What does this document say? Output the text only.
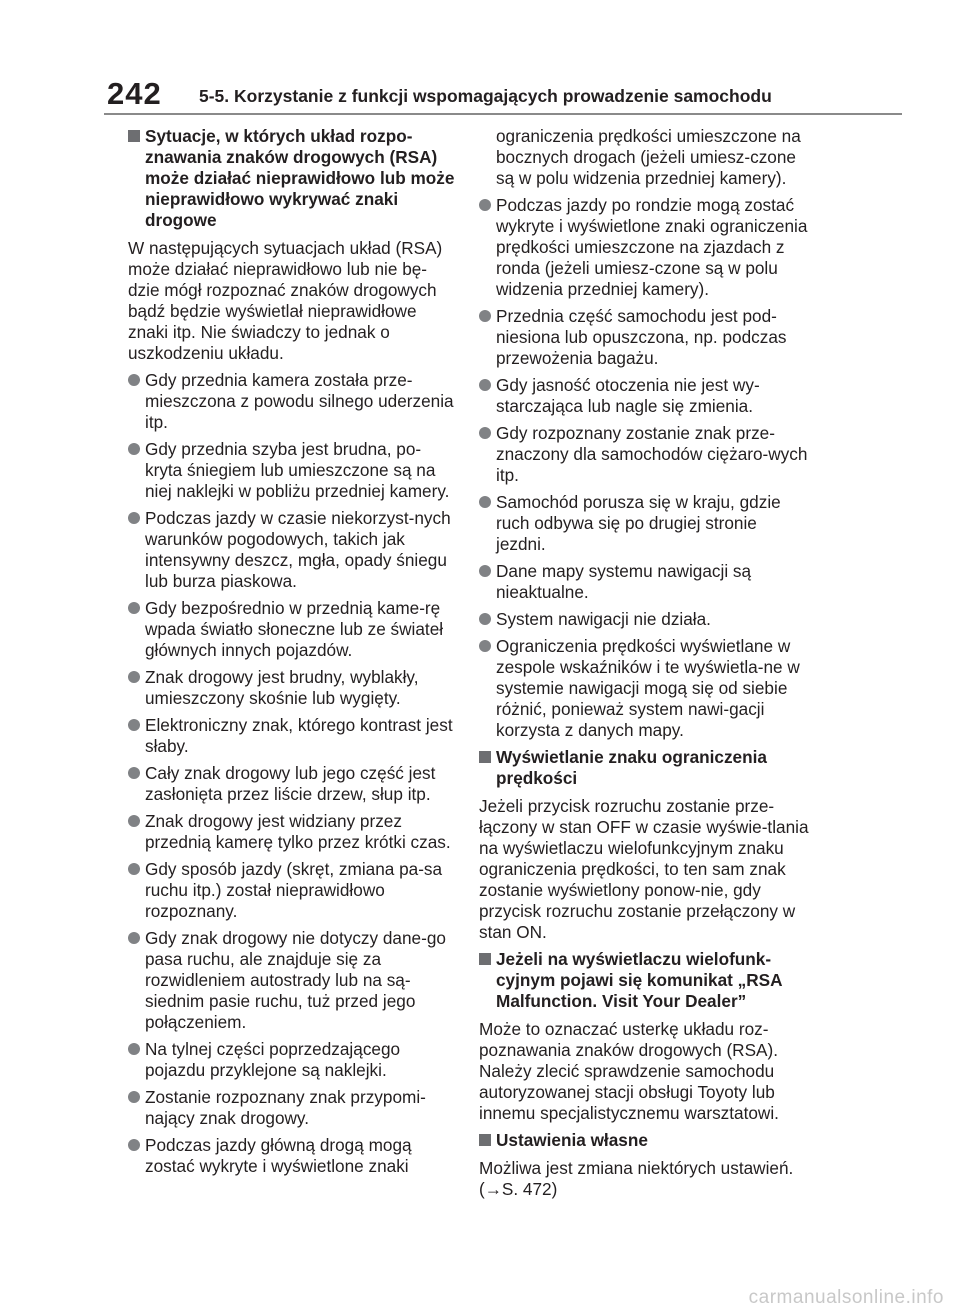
242 5-5. Korzystanie z funkcji wspomagających prowadzenie samochodu
Sytuacje, w których układ rozpo-znawania znaków drogowych (RSA) może działać nieprawidłowo lub może nieprawidłowo wykrywać znaki drogowe
W następujących sytuacjach układ (RSA) może działać nieprawidłowo lub nie bę-dzie mógł rozpoznać znaków drogowych bądź będzie wyświetlał nieprawidłowe znaki itp. Nie świadczy to jednak o uszkodzeniu układu.
Gdy przednia kamera została prze-mieszczona z powodu silnego uderzenia itp.
Gdy przednia szyba jest brudna, po-kryta śniegiem lub umieszczone są na niej naklejki w pobliżu przedniej kamery.
Podczas jazdy w czasie niekorzyst-nych warunków pogodowych, takich jak intensywny deszcz, mgła, opady śniegu lub burza piaskowa.
Gdy bezpośrednio w przednią kame-rę wpada światło słoneczne lub ze świateł głównych innych pojazdów.
Znak drogowy jest brudny, wyblakły, umieszczony skośnie lub wygięty.
Elektroniczny znak, którego kontrast jest słaby.
Cały znak drogowy lub jego część jest zasłonięta przez liście drzew, słup itp.
Znak drogowy jest widziany przez przednią kamerę tylko przez krótki czas.
Gdy sposób jazdy (skręt, zmiana pa-sa ruchu itp.) został nieprawidłowo rozpoznany.
Gdy znak drogowy nie dotyczy dane-go pasa ruchu, ale znajduje się za rozwidleniem autostrady lub na są-siednim pasie ruchu, tuż przed jego połączeniem.
Na tylnej części poprzedzającego pojazdu przyklejone są naklejki.
Zostanie rozpoznany znak przypomi-nający znak drogowy.
Podczas jazdy główną drogą mogą zostać wykryte i wyświetlone znaki
ograniczenia prędkości umieszczone na bocznych drogach (jeżeli umiesz-czone są w polu widzenia przedniej kamery).
Podczas jazdy po rondzie mogą zostać wykryte i wyświetlone znaki ograniczenia prędkości umieszczone na zjazdach z ronda (jeżeli umiesz-czone są w polu widzenia przedniej kamery).
Przednia część samochodu jest pod-niesiona lub opuszczona, np. podczas przewożenia bagażu.
Gdy jasność otoczenia nie jest wy-starczająca lub nagle się zmienia.
Gdy rozpoznany zostanie znak prze-znaczony dla samochodów ciężaro-wych itp.
Samochód porusza się w kraju, gdzie ruch odbywa się po drugiej stronie jezdni.
Dane mapy systemu nawigacji są nieaktualne.
System nawigacji nie działa.
Ograniczenia prędkości wyświetlane w zespole wskaźników i te wyświetla-ne w systemie nawigacji mogą się od siebie różnić, ponieważ system nawi-gacji korzysta z danych mapy.
Wyświetlanie znaku ograniczenia prędkości
Jeżeli przycisk rozruchu zostanie prze-łączony w stan OFF w czasie wyświe-tlania na wyświetlaczu wielofunkcyjnym znaku ograniczenia prędkości, to ten sam znak zostanie wyświetlony ponow-nie, gdy przycisk rozruchu zostanie przełączony w stan ON.
Jeżeli na wyświetlaczu wielofunk-cyjnym pojawi się komunikat „RSA Malfunction. Visit Your Dealer”
Może to oznaczać usterkę układu roz-poznawania znaków drogowych (RSA). Należy zlecić sprawdzenie samochodu autoryzowanej stacji obsługi Toyoty lub innemu specjalistycznemu warsztatowi.
Ustawienia własne
Możliwa jest zmiana niektórych ustawień. (→S. 472)
carmanualsonline.info
